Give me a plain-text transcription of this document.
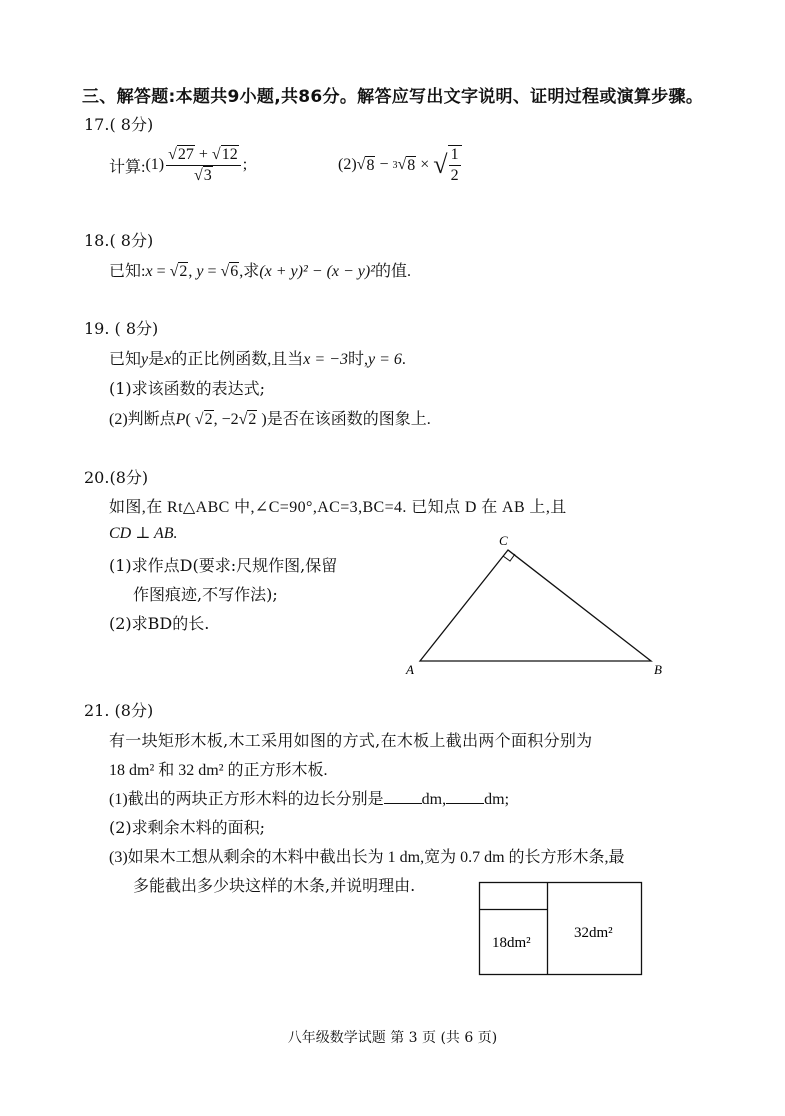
三、解答题:本题共9小题,共86分。解答应写出文字说明、证明过程或演算步骤。
17.( 8分)
计算: $(1) \frac{√27 + √12}{√3}$ ;	(2) √ 8
−
3 √ 8
×
√ $\frac{1}{2}$
18.( 8分)
已知:x = √2, y = √6,求(x + y)² − (x − y)²的值.
19. ( 8分)
已知y是x的正比例函数,且当x = −3时,y = 6.
(1)求该函数的表达式;
(2)判断点P( √2, −2√2 )是否在该函数的图象上.
20.(8分)
如图,在 Rt△ABC 中,∠C=90°,AC=3,BC=4. 已知点 D 在 AB 上,且
CD ⊥ AB.
(1)求作点D(要求:尺规作图,保留
作图痕迹,不写作法);
(2)求BD的长.
C
A	B
21. (8分)
有一块矩形木板,木工采用如图的方式,在木板上截出两个面积分别为
18 dm² 和 32 dm² 的正方形木板.
(1)截出的两块正方形木料的边长分别是 dm, dm;
(2)求剩余木料的面积;
(3)如果木工想从剩余的木料中截出长为 1 dm,宽为 0.7 dm 的长方形木条,最
多能截出多少块这样的木条,并说明理由.
18dm²
32dm²
八年级数学试题 第 3 页 (共 6 页)
